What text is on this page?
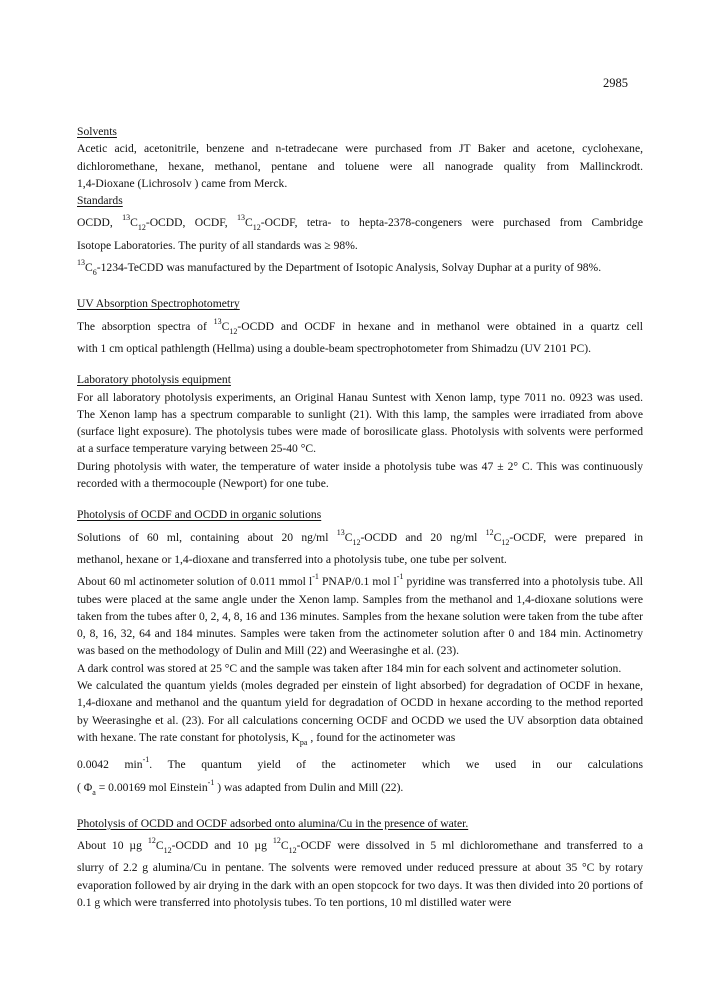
2985
Solvents

Acetic acid, acetonitrile, benzene and n-tetradecane were purchased from JT Baker and acetone, cyclohexane,

dichloromethane, hexane, methanol, pentane and toluene were all nanograde quality from Mallinckrodt.

1,4-Dioxane (Lichrosolv ) came from Merck.

Standards

OCDD, $^{13}C_{12}$-OCDD, OCDF, $^{13}C_{12}$-OCDF, tetra- to hepta-2378-congeners were purchased from Cambridge

Isotope Laboratories. The purity of all standards was ≥ 98%.

$^{13}C_6-1234$-TeCDD was manufactured by the Department of Isotopic Analysis, Solvay Duphar at a purity of 98%.

UV Absorption Spectrophotometry

The absorption spectra of $^{13}C_{12}$-OCDD and OCDF in hexane and in methanol were obtained in a quartz cell

with 1 cm optical pathlength (Hellma) using a double-beam spectrophotometer from Shimadzu (UV 2101 PC).

Laboratory photolysis equipment

For all laboratory photolysis experiments, an Original Hanau Suntest with Xenon lamp, type 7011 no. 0923 was used. The Xenon lamp has a spectrum comparable to sunlight (21). With this lamp, the samples were irradiated from above (surface light exposure). The photolysis tubes were made of borosilicate glass. Photolysis with solvents were performed at a surface temperature varying between 25-40 °C.

During photolysis with water, the temperature of water inside a photolysis tube was 47 ± 2° C. This was continuously recorded with a thermocouple (Newport) for one tube.

Photolysis of OCDF and OCDD in organic solutions

Solutions of 60 ml, containing about 20 ng/ml $^{13}C_{12}$-OCDD and 20 ng/ml $^{12}C_{12}$-OCDF, were prepared in

methanol, hexane or 1,4-dioxane and transferred into a photolysis tube, one tube per solvent.

About 60 ml actinometer solution of 0.011 mmol $l^{-1}$ PNAP/0.1 mol $l^{-1}$ pyridine was transferred into a photolysis tube. All tubes were placed at the same angle under the Xenon lamp. Samples from the methanol and 1,4-dioxane solutions were taken from the tubes after 0, 2, 4, 8, 16 and 136 minutes. Samples from the hexane solution were taken from the tube after 0, 8, 16, 32, 64 and 184 minutes. Samples were taken from the actinometer solution after 0 and 184 min. Actinometry was based on the methodology of Dulin and Mill (22) and Weerasinghe et al. (23).

A dark control was stored at 25 °C and the sample was taken after 184 min for each solvent and actinometer solution.

We calculated the quantum yields (moles degraded per einstein of light absorbed) for degradation of OCDF in hexane, 1,4-dioxane and methanol and the quantum yield for degradation of OCDD in hexane according to the method reported by Weerasinghe et al. (23). For all calculations concerning OCDF and OCDD we used the UV absorption data obtained with hexane. The rate constant for photolysis, $K_{pa}$ , found for the actinometer was

0.0042 $\min^{-1}$. The quantum yield of the actinometer which we used in our calculations

( $\Phi_a = 0.00169$ mol Einstein$^{-1}$ ) was adapted from Dulin and Mill (22).

Photolysis of OCDD and OCDF adsorbed onto alumina/Cu in the presence of water.

About 10 µg $^{12}C_{12}$-OCDD and 10 µg $^{12}C_{12}$-OCDF were dissolved in 5 ml dichloromethane and transferred to a

slurry of 2.2 g alumina/Cu in pentane. The solvents were removed under reduced pressure at about 35 °C by rotary evaporation followed by air drying in the dark with an open stopcock for two days. It was then divided into 20 portions of 0.1 g which were transferred into photolysis tubes. To ten portions, 10 ml distilled water were
